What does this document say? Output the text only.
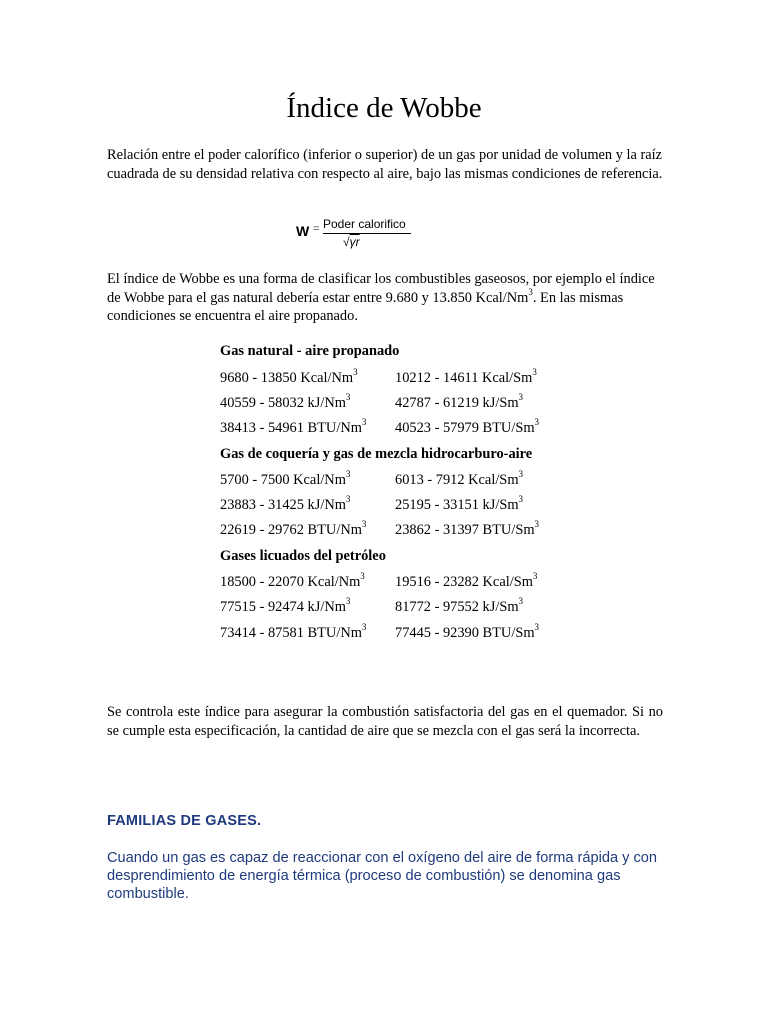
Índice de Wobbe

Relación entre el poder calorífico (inferior o superior) de un gas por unidad de volumen y la raíz cuadrada de su densidad relativa con respecto al aire, bajo las mismas condiciones de referencia.

W = Poder calorifico
√γr

El índice de Wobbe es una forma de clasificar los combustibles gaseosos, por ejemplo el índice de Wobbe para el gas natural debería estar entre 9.680 y 13.850 Kcal/Nm$^3$. En las mismas condiciones se encuentra el aire propanado.

Gas natural - aire propanado
9680 - 13850 Kcal/Nm$^3$	10212 - 14611 Kcal/Sm$^3$
40559 - 58032 kJ/Nm$^3$	42787 - 61219 kJ/Sm$^3$
38413 - 54961 BTU/Nm$^3$ 40523 - 57979 BTU/Sm$^3$
Gas de coquería y gas de mezcla hidrocarburo-aire
5700 - 7500 Kcal/Nm$^3$	6013 - 7912 Kcal/Sm$^3$
23883 - 31425 kJ/Nm$^3$	25195 - 33151 kJ/Sm$^3$
22619 - 29762 BTU/Nm$^3$ 23862 - 31397 BTU/Sm$^3$
Gases licuados del petróleo
18500 - 22070 Kcal/Nm$^3$ 19516 - 23282 Kcal/Sm$^3$
77515 - 92474 kJ/Nm$^3$	81772 - 97552 kJ/Sm$^3$
73414 - 87581 BTU/Nm$^3$ 77445 - 92390 BTU/Sm$^3$

Se controla este índice para asegurar la combustión satisfactoria del gas en el quemador. Si no se cumple esta especificación, la cantidad de aire que se mezcla con el gas será la incorrecta.

FAMILIAS DE GASES.

Cuando un gas es capaz de reaccionar con el oxígeno del aire de forma rápida y con desprendimiento de energía térmica (proceso de combustión) se denomina gas combustible.
